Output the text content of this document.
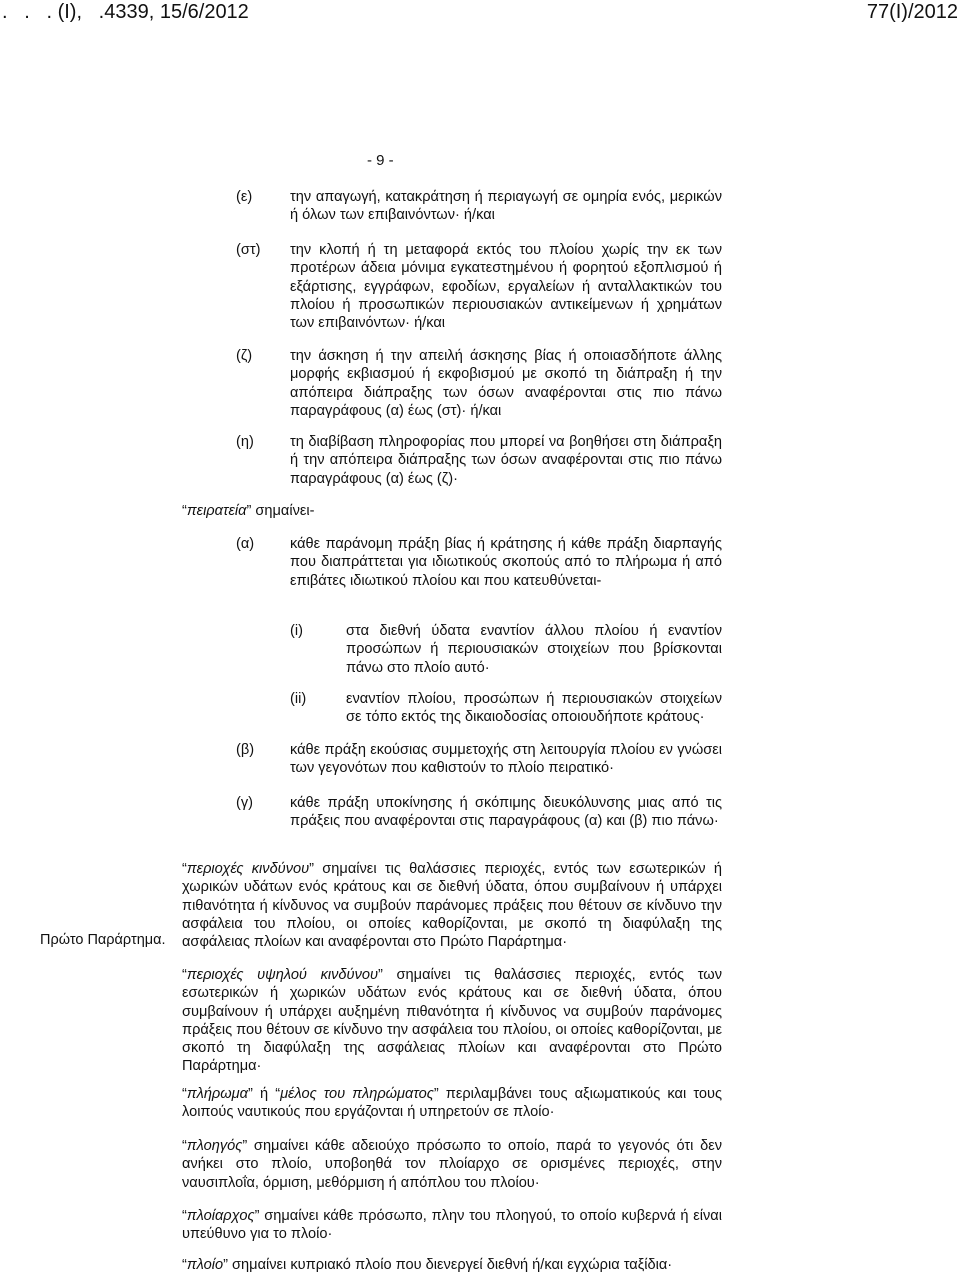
.   .   . (Ι),   .4339, 15/6/2012	77(Ι)/2012
- 9 -
(ε)	την απαγωγή, κατακράτηση ή περιαγωγή σε ομηρία ενός, μερικών ή όλων των επιβαινόντων· ή/και

(στ) την κλοπή ή τη μεταφορά εκτός του πλοίου χωρίς την εκ των προτέρων άδεια μόνιμα εγκατεστημένου ή φορητού εξοπλισμού ή εξάρτισης, εγγράφων, εφοδίων, εργαλείων ή ανταλλακτικών του πλοίου ή προσωπικών περιουσιακών αντικείμενων ή χρημάτων των επιβαινόντων· ή/και

(ζ)	την άσκηση ή την απειλή άσκησης βίας ή οποιασδήποτε άλλης μορφής εκβιασμού ή εκφοβισμού με σκοπό τη διάπραξη ή την απόπειρα διάπραξης των όσων αναφέρονται στις πιο πάνω παραγράφους (α) έως (στ)· ή/και

(η) τη διαβίβαση πληροφορίας που μπορεί να βοηθήσει στη διάπραξη ή την απόπειρα διάπραξης των όσων αναφέρονται στις πιο πάνω παραγράφους (α) έως (ζ)·

“πειρατεία” σημαίνει-

(α) κάθε παράνομη πράξη βίας ή κράτησης ή κάθε πράξη διαρπαγής που διαπράττεται για ιδιωτικούς σκοπούς από το πλήρωμα ή από επιβάτες ιδιωτικού πλοίου και που κατευθύνεται-

(i)	στα διεθνή ύδατα εναντίον άλλου πλοίου ή εναντίον προσώπων ή περιουσιακών στοιχείων που βρίσκονται πάνω στο πλοίο αυτό·

(ii)	εναντίον πλοίου, προσώπων ή περιουσιακών στοιχείων σε τόπο εκτός της δικαιοδοσίας οποιουδήποτε κράτους·

(β) κάθε πράξη εκούσιας συμμετοχής στη λειτουργία πλοίου εν γνώσει των γεγονότων που καθιστούν το πλοίο πειρατικό·

(γ)	κάθε πράξη υποκίνησης ή σκόπιμης διευκόλυνσης μιας από τις πράξεις που αναφέρονται στις παραγράφους (α) και (β) πιο πάνω·

Πρώτο Παράρτημα.

“περιοχές κινδύνου” σημαίνει τις θαλάσσιες περιοχές, εντός των εσωτερικών ή χωρικών υδάτων ενός κράτους και σε διεθνή ύδατα, όπου συμβαίνουν ή υπάρχει πιθανότητα ή κίνδυνος να συμβούν παράνομες πράξεις που θέτουν σε κίνδυνο την ασφάλεια του πλοίου, οι οποίες καθορίζονται, με σκοπό τη διαφύλαξη της ασφάλειας πλοίων και αναφέρονται στο Πρώτο Παράρτημα·

“περιοχές υψηλού κινδύνου” σημαίνει τις θαλάσσιες περιοχές, εντός των εσωτερικών ή χωρικών υδάτων ενός κράτους και σε διεθνή ύδατα, όπου συμβαίνουν ή υπάρχει αυξημένη πιθανότητα ή κίνδυνος να συμβούν παράνομες πράξεις που θέτουν σε κίνδυνο την ασφάλεια του πλοίου, οι οποίες καθορίζονται, με σκοπό τη διαφύλαξη της ασφάλειας πλοίων και αναφέρονται στο Πρώτο Παράρτημα·

“πλήρωμα” ή “μέλος του πληρώματος” περιλαμβάνει τους αξιωματικούς και τους λοιπούς ναυτικούς που εργάζονται ή υπηρετούν σε πλοίο·

“πλοηγός” σημαίνει κάθε αδειούχο πρόσωπο το οποίο, παρά το γεγονός ότι δεν ανήκει στο πλοίο, υποβοηθά τον πλοίαρχο σε ορισμένες περιοχές, στην ναυσιπλοΐα, όρμιση, μεθόρμιση ή απόπλου του πλοίου·

“πλοίαρχος” σημαίνει κάθε πρόσωπο, πλην του πλοηγού, το οποίο κυβερνά ή είναι υπεύθυνο για το πλοίο·

“πλοίο” σημαίνει κυπριακό πλοίο που διενεργεί διεθνή ή/και εγχώρια ταξίδια·
